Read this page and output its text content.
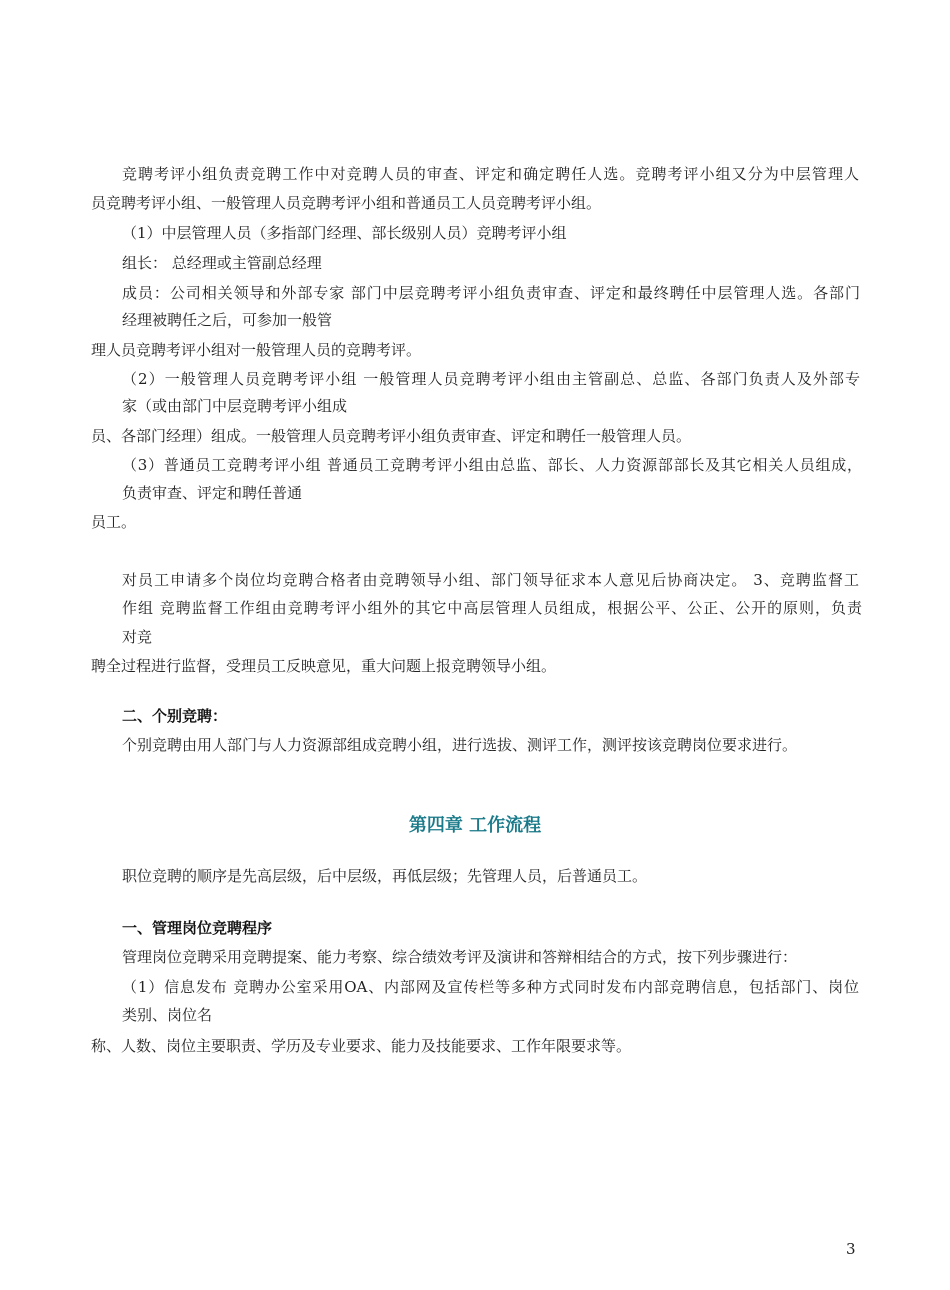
竞聘考评小组负责竞聘工作中对竞聘人员的审查、评定和确定聘任人选。竞聘考评小组又分为中层管理人

员竞聘考评小组、一般管理人员竞聘考评小组和普通员工人员竞聘考评小组。

（1）中层管理人员（多指部门经理、部长级别人员）竞聘考评小组

组长： 总经理或主管副总经理

成员：公司相关领导和外部专家 部门中层竞聘考评小组负责审查、评定和最终聘任中层管理人选。各部门

经理被聘任之后，可参加一般管

理人员竞聘考评小组对一般管理人员的竞聘考评。

（2）一般管理人员竞聘考评小组 一般管理人员竞聘考评小组由主管副总、总监、各部门负责人及外部专

家（或由部门中层竞聘考评小组成

员、各部门经理）组成。一般管理人员竞聘考评小组负责审查、评定和聘任一般管理人员。

（3）普通员工竞聘考评小组 普通员工竞聘考评小组由总监、部长、人力资源部部长及其它相关人员组成，

负责审查、评定和聘任普通

员工。

对员工申请多个岗位均竞聘合格者由竞聘领导小组、部门领导征求本人意见后协商决定。 3、竞聘监督工

作组 竞聘监督工作组由竞聘考评小组外的其它中高层管理人员组成，根据公平、公正、公开的原则，负责

对竞

聘全过程进行监督，受理员工反映意见，重大问题上报竞聘领导小组。

二、个别竞聘：

个别竞聘由用人部门与人力资源部组成竞聘小组，进行选拔、测评工作，测评按该竞聘岗位要求进行。

第四章 工作流程

职位竞聘的顺序是先高层级，后中层级，再低层级；先管理人员，后普通员工。

一、管理岗位竞聘程序

管理岗位竞聘采用竞聘提案、能力考察、综合绩效考评及演讲和答辩相结合的方式，按下列步骤进行：

（1）信息发布 竞聘办公室采用OA、内部网及宣传栏等多种方式同时发布内部竞聘信息，包括部门、岗位

类别、岗位名

称、人数、岗位主要职责、学历及专业要求、能力及技能要求、工作年限要求等。

3
